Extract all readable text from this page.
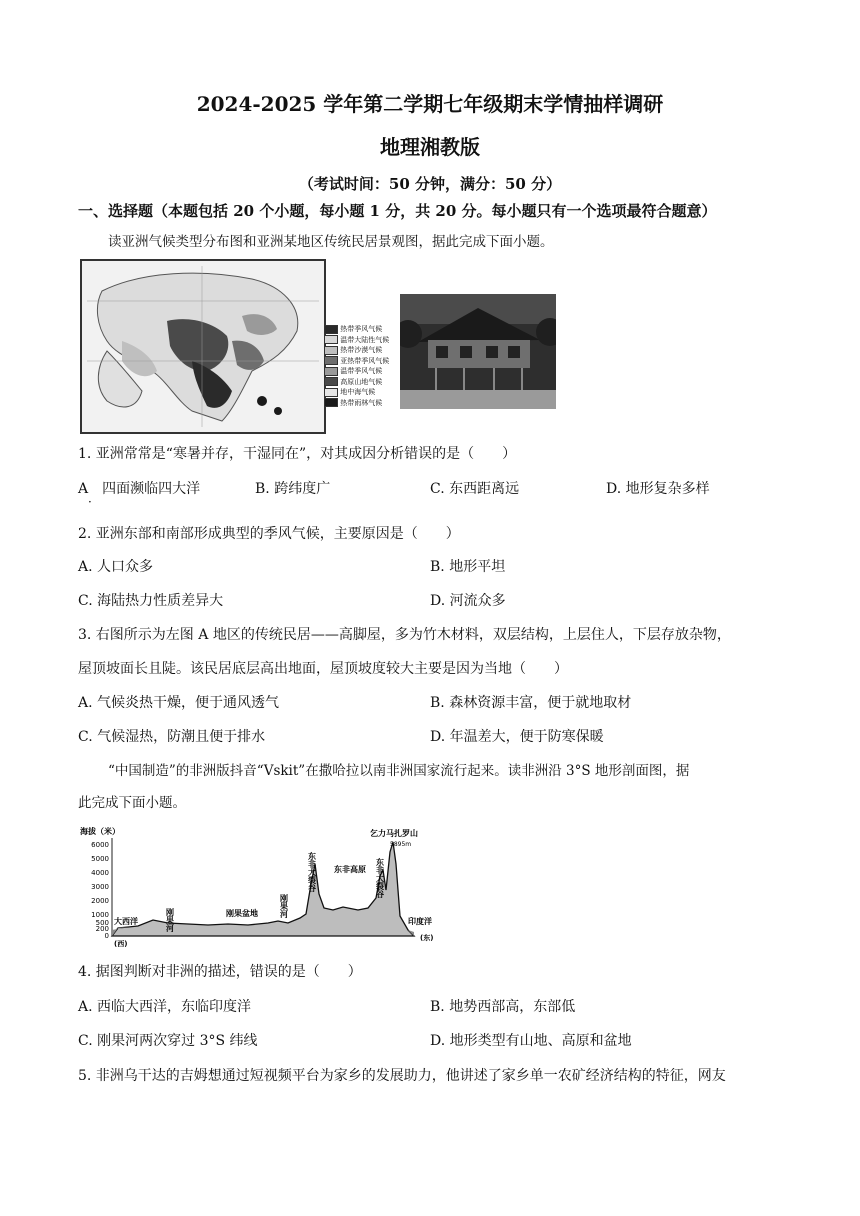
2024-2025 学年第二学期七年级期末学情抽样调研
地理湘教版
（考试时间：50 分钟，满分：50 分）
一、选择题（本题包括 20 个小题，每小题 1 分，共 20 分。每小题只有一个选项最符合题意）
读亚洲气候类型分布图和亚洲某地区传统民居景观图，据此完成下面小题。
热带季风气候
温带大陆性气候
热带沙漠气候
亚热带季风气候
温带季风气候
高原山地气候
地中海气候
热带雨林气候
1. 亚洲常常是“寒暑并存，干湿同在”，对其成因分析错误的是（　　）
A　四面濒临四大洋
·
B. 跨纬度广	C. 东西距离远	D. 地形复杂多样
2. 亚洲东部和南部形成典型的季风气候，主要原因是（　　）
A. 人口众多	B. 地形平坦
C. 海陆热力性质差异大	D. 河流众多
3. 右图所示为左图 A 地区的传统民居——高脚屋，多为竹木材料，双层结构，上层住人，下层存放杂物，
屋顶坡面长且陡。该民居底层高出地面，屋顶坡度较大主要是因为当地（　　）
A. 气候炎热干燥，便于通风透气	B. 森林资源丰富，便于就地取材
C. 气候湿热，防潮且便于排水	D. 年温差大，便于防寒保暖
“中国制造”的非洲版抖音“Vskit”在撒哈拉以南非洲国家流行起来。读非洲沿 3°S 地形剖面图，据
此完成下面小题。
海拔（米）
6000
5000
4000
3000
2000
1000
500
200
0
大西洋	刚果河	刚果盆地	刚果河
东非大裂谷 东非高原 东非大裂谷
印度洋
乞力马扎罗山
5895m
(西)
(东)
4. 据图判断对非洲的描述，错误的是（　　）
A. 西临大西洋，东临印度洋	B. 地势西部高，东部低
C. 刚果河两次穿过 3°S 纬线	D. 地形类型有山地、高原和盆地
5. 非洲乌干达的吉姆想通过短视频平台为家乡的发展助力，他讲述了家乡单一农矿经济结构的特征，网友
